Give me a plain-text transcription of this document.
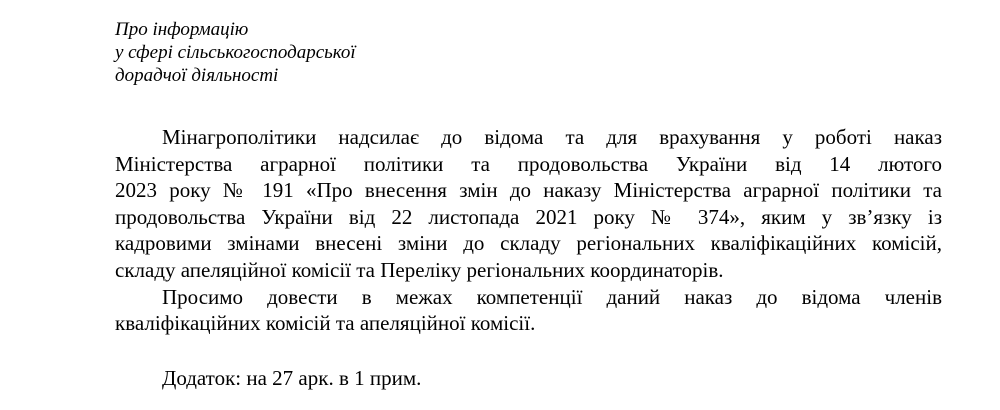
Про інформацію
у сфері сільськогосподарської
дорадчої діяльності
Мінагрополітики надсилає до відома та для врахування у роботі наказ
Міністерства аграрної політики та продовольства України від 14 лютого
2023 року № 191 «Про внесення змін до наказу Міністерства аграрної політики та
продовольства України від 22 листопада 2021 року № 374», яким у зв’язку із
кадровими змінами внесені зміни до складу регіональних кваліфікаційних комісій,
складу апеляційної комісії та Переліку регіональних координаторів.
Просимо довести в межах компетенції даний наказ до відома членів
кваліфікаційних комісій та апеляційної комісії.
Додаток: на 27 арк. в 1 прим.
